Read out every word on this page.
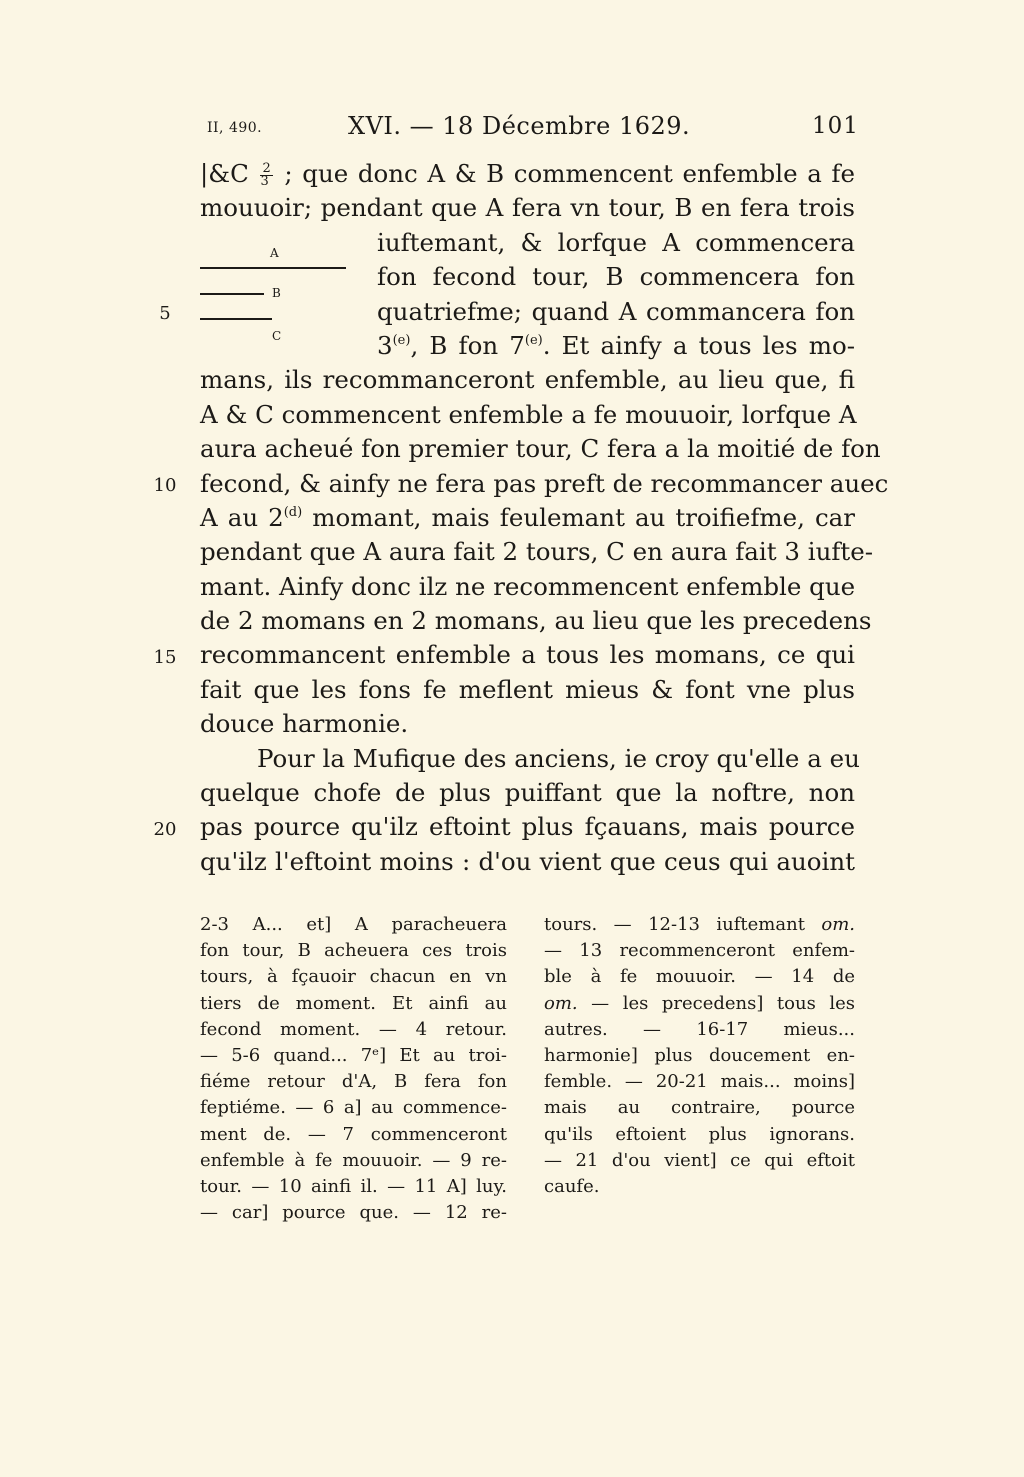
II, 490.	XVI. — 18 Décembre 1629.	101
A
B
C
|&C $\frac{2}{3}$ ; que donc A & B commencent enfemble a fe
mouuoir; pendant que A fera vn tour, B en fera trois
iuftemant, & lorfque A commencera
fon fecond tour, B commencera fon
quatriefme; quand A commancera fon
3$^{(e)}$, B fon 7$^{(e)}$. Et ainfy a tous les mo-
mans, ils recommanceront enfemble, au lieu que, fi
A & C commencent enfemble a fe mouuoir, lorfque A
aura acheué fon premier tour, C fera a la moitié de fon
fecond, & ainfy ne fera pas preft de recommancer auec
A au 2$^{(d)}$ momant, mais feulemant au troifiefme, car
pendant que A aura fait 2 tours, C en aura fait 3 iufte-
mant. Ainfy donc ilz ne recommencent enfemble que
de 2 momans en 2 momans, au lieu que les precedens
recommancent enfemble a tous les momans, ce qui
fait que les fons fe meflent mieus & font vne plus
douce harmonie.
Pour la Mufique des anciens, ie croy qu'elle a eu
quelque chofe de plus puiffant que la noftre, non
pas pource qu'ilz eftoint plus fçauans, mais pource
qu'ilz l'eftoint moins : d'ou vient que ceus qui auoint
5
10
15
20
2-3 A... et] A paracheuera
fon tour, B acheuera ces trois
tours, à fçauoir chacun en vn
tiers de moment. Et ainfi au
fecond moment. — 4 retour.
— 5-6 quand... 7ᵉ] Et au troi-
fiéme retour d'A, B fera fon
feptiéme. — 6 a] au commence-
ment de. — 7 commenceront
enfemble à fe mouuoir. — 9 re-
tour. — 10 ainfi il. — 11 A] luy.
— car] pource que. — 12 re-
tours. — 12-13 iuftemant om.
— 13 recommenceront enfem-
ble à fe mouuoir. — 14 de
om. — les precedens] tous les
autres. — 16-17 mieus...
harmonie] plus doucement en-
femble. — 20-21 mais... moins]
mais au contraire, pource
qu'ils eftoient plus ignorans.
— 21 d'ou vient] ce qui eftoit
caufe.
